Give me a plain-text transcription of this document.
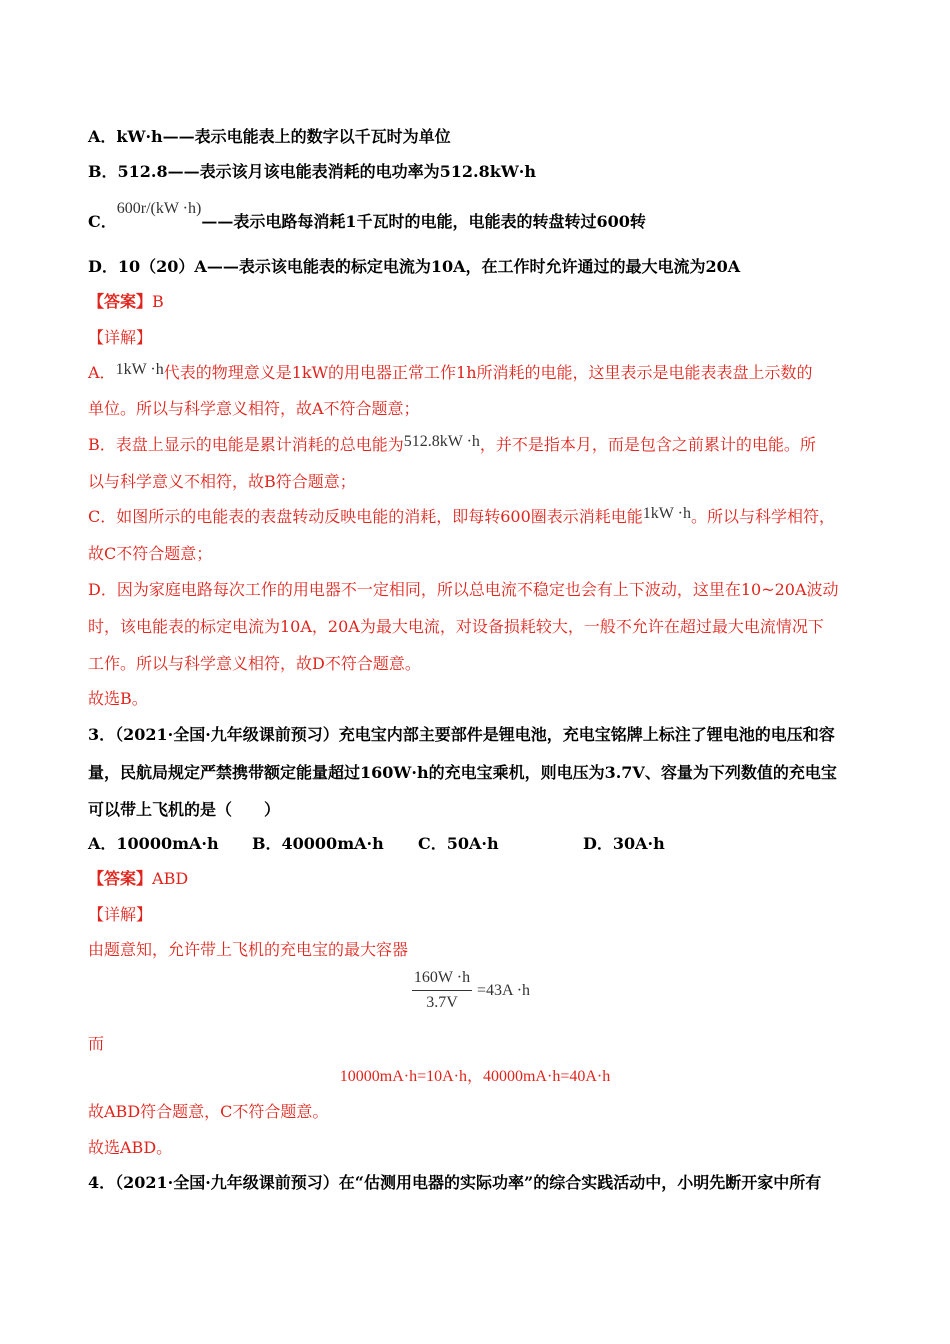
A．kW·h——表示电能表上的数字以千瓦时为单位
B．512.8——表示该月该电能表消耗的电功率为512.8kW·h
C．600r/(kW ·h)——表示电路每消耗1千瓦时的电能，电能表的转盘转过600转
D．10（20）A——表示该电能表的标定电流为10A，在工作时允许通过的最大电流为20A
【答案】B
【详解】
A．1kW ·h代表的物理意义是1kW的用电器正常工作1h所消耗的电能，这里表示是电能表表盘上示数的
单位。所以与科学意义相符，故A不符合题意；
B．表盘上显示的电能是累计消耗的总电能为512.8kW ·h，并不是指本月，而是包含之前累计的电能。所
以与科学意义不相符，故B符合题意；
C．如图所示的电能表的表盘转动反映电能的消耗，即每转600圈表示消耗电能1kW ·h。所以与科学相符，
故C不符合题意；
D．因为家庭电路每次工作的用电器不一定相同，所以总电流不稳定也会有上下波动，这里在10~20A波动
时，该电能表的标定电流为10A，20A为最大电流，对设备损耗较大，一般不允许在超过最大电流情况下
工作。所以与科学意义相符，故D不符合题意。
故选B。
3．（2021·全国·九年级课前预习）充电宝内部主要部件是锂电池，充电宝铭牌上标注了锂电池的电压和容
量，民航局规定严禁携带额定能量超过160W·h的充电宝乘机，则电压为3.7V、容量为下列数值的充电宝
可以带上飞机的是（　　）
A．10000mA·h B．40000mA·h C．50A·h	D．30A·h
【答案】ABD
【详解】
由题意知，允许带上飞机的充电宝的最大容器
160W ·h
3.7V
=43A ·h
而
10000mA·h=10A·h，40000mA·h=40A·h
故ABD符合题意，C不符合题意。
故选ABD。
4．（2021·全国·九年级课前预习）在“估测用电器的实际功率”的综合实践活动中，小明先断开家中所有
